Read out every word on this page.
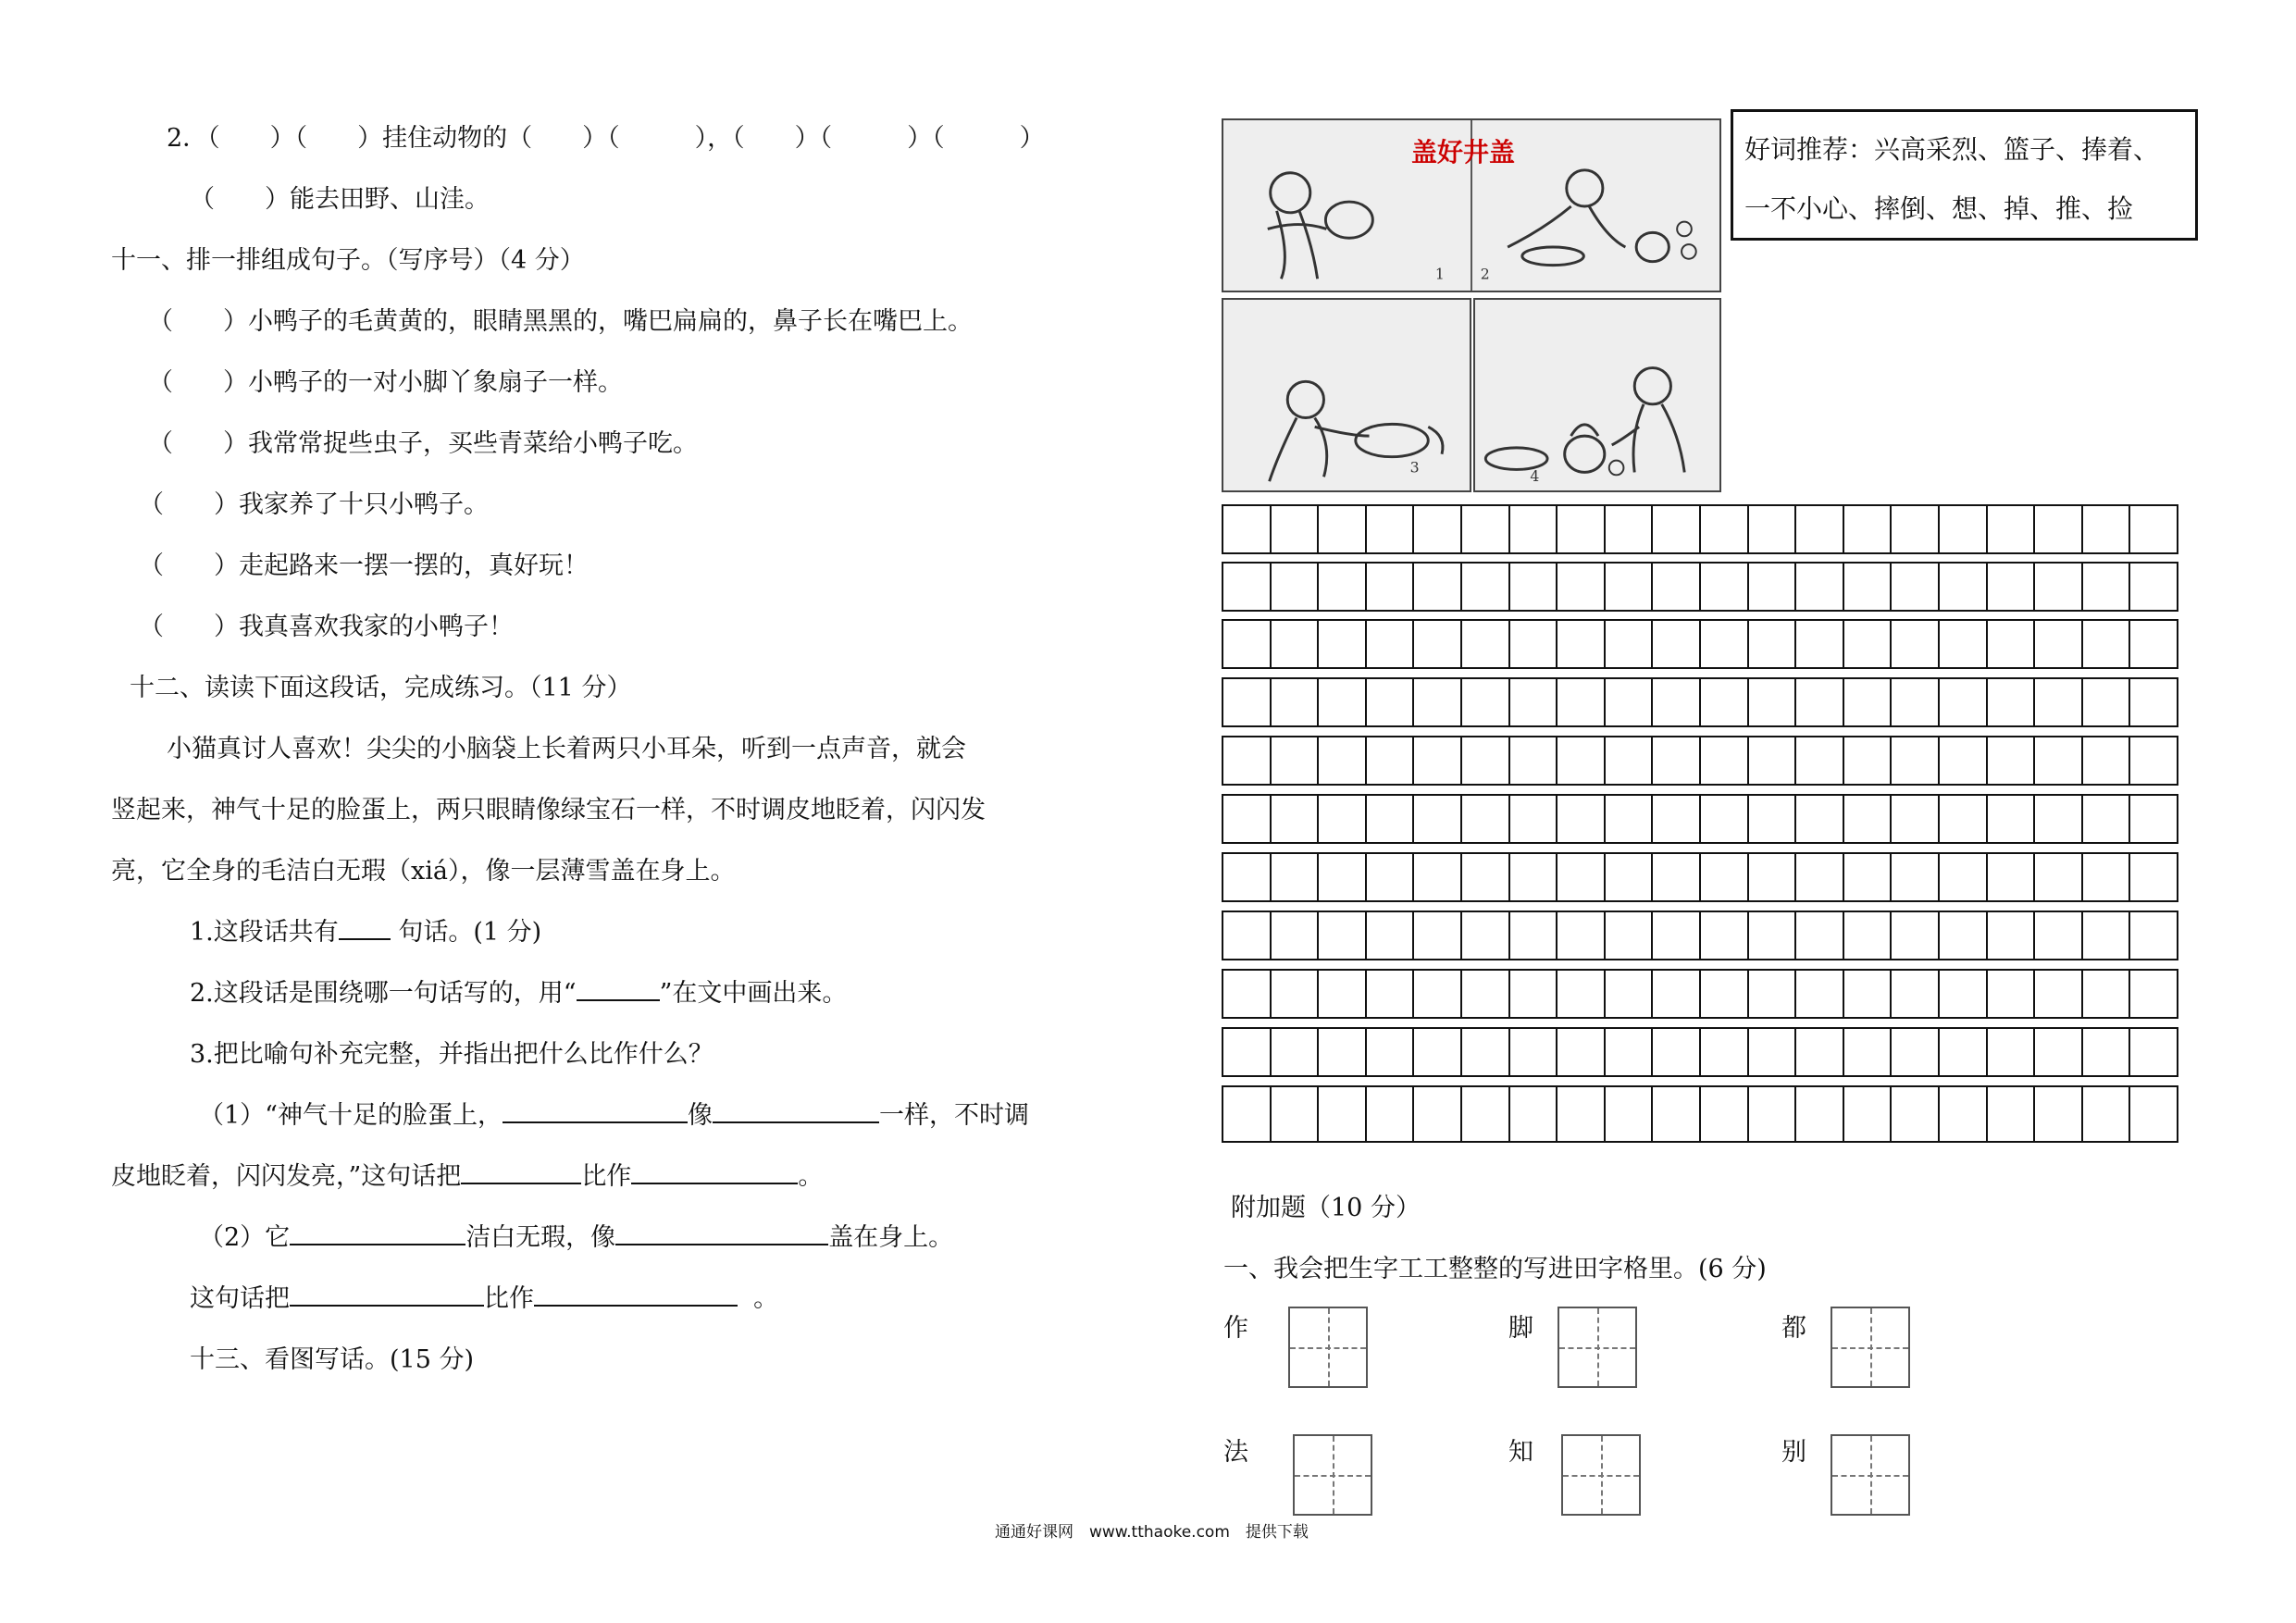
2．（　　）（　　）挂住动物的（　　）（　　　），（　　）（　　　）（　　　）
（　　）能去田野、山洼。
十一、排一排组成句子。（写序号）（4 分）
（　　）小鸭子的毛黄黄的，眼睛黑黑的，嘴巴扁扁的，鼻子长在嘴巴上。
（　　）小鸭子的一对小脚丫象扇子一样。
（　　）我常常捉些虫子，买些青菜给小鸭子吃。
（　　）我家养了十只小鸭子。
（　　）走起路来一摆一摆的，真好玩！
（　　）我真喜欢我家的小鸭子！
十二、读读下面这段话，完成练习。（11 分）
小猫真讨人喜欢！尖尖的小脑袋上长着两只小耳朵，听到一点声音，就会
竖起来，神气十足的脸蛋上，两只眼睛像绿宝石一样，不时调皮地眨着，闪闪发
亮，它全身的毛洁白无瑕（xiá），像一层薄雪盖在身上。
1.这段话共有 句话。(1 分)
2.这段话是围绕哪一句话写的，用“	”在文中画出来。
3.把比喻句补充完整，并指出把什么比作什么？
（1）“神气十足的脸蛋上，	像	一样，不时调
皮地眨着，闪闪发亮，”这句话把	比作	。
（2）它	洁白无瑕，像	盖在身上。
这句话把	比作	。
十三、看图写话。(15 分)
1 2
盖好井盖
3
4
好词推荐：兴高采烈、篮子、捧着、
一不小心、摔倒、想、掉、推、捡
附加题（10 分）
一、我会把生字工工整整的写进田字格里。(6 分)
作	脚	都
法	知	别
通通好课网　www.tthaoke.com　提供下载
